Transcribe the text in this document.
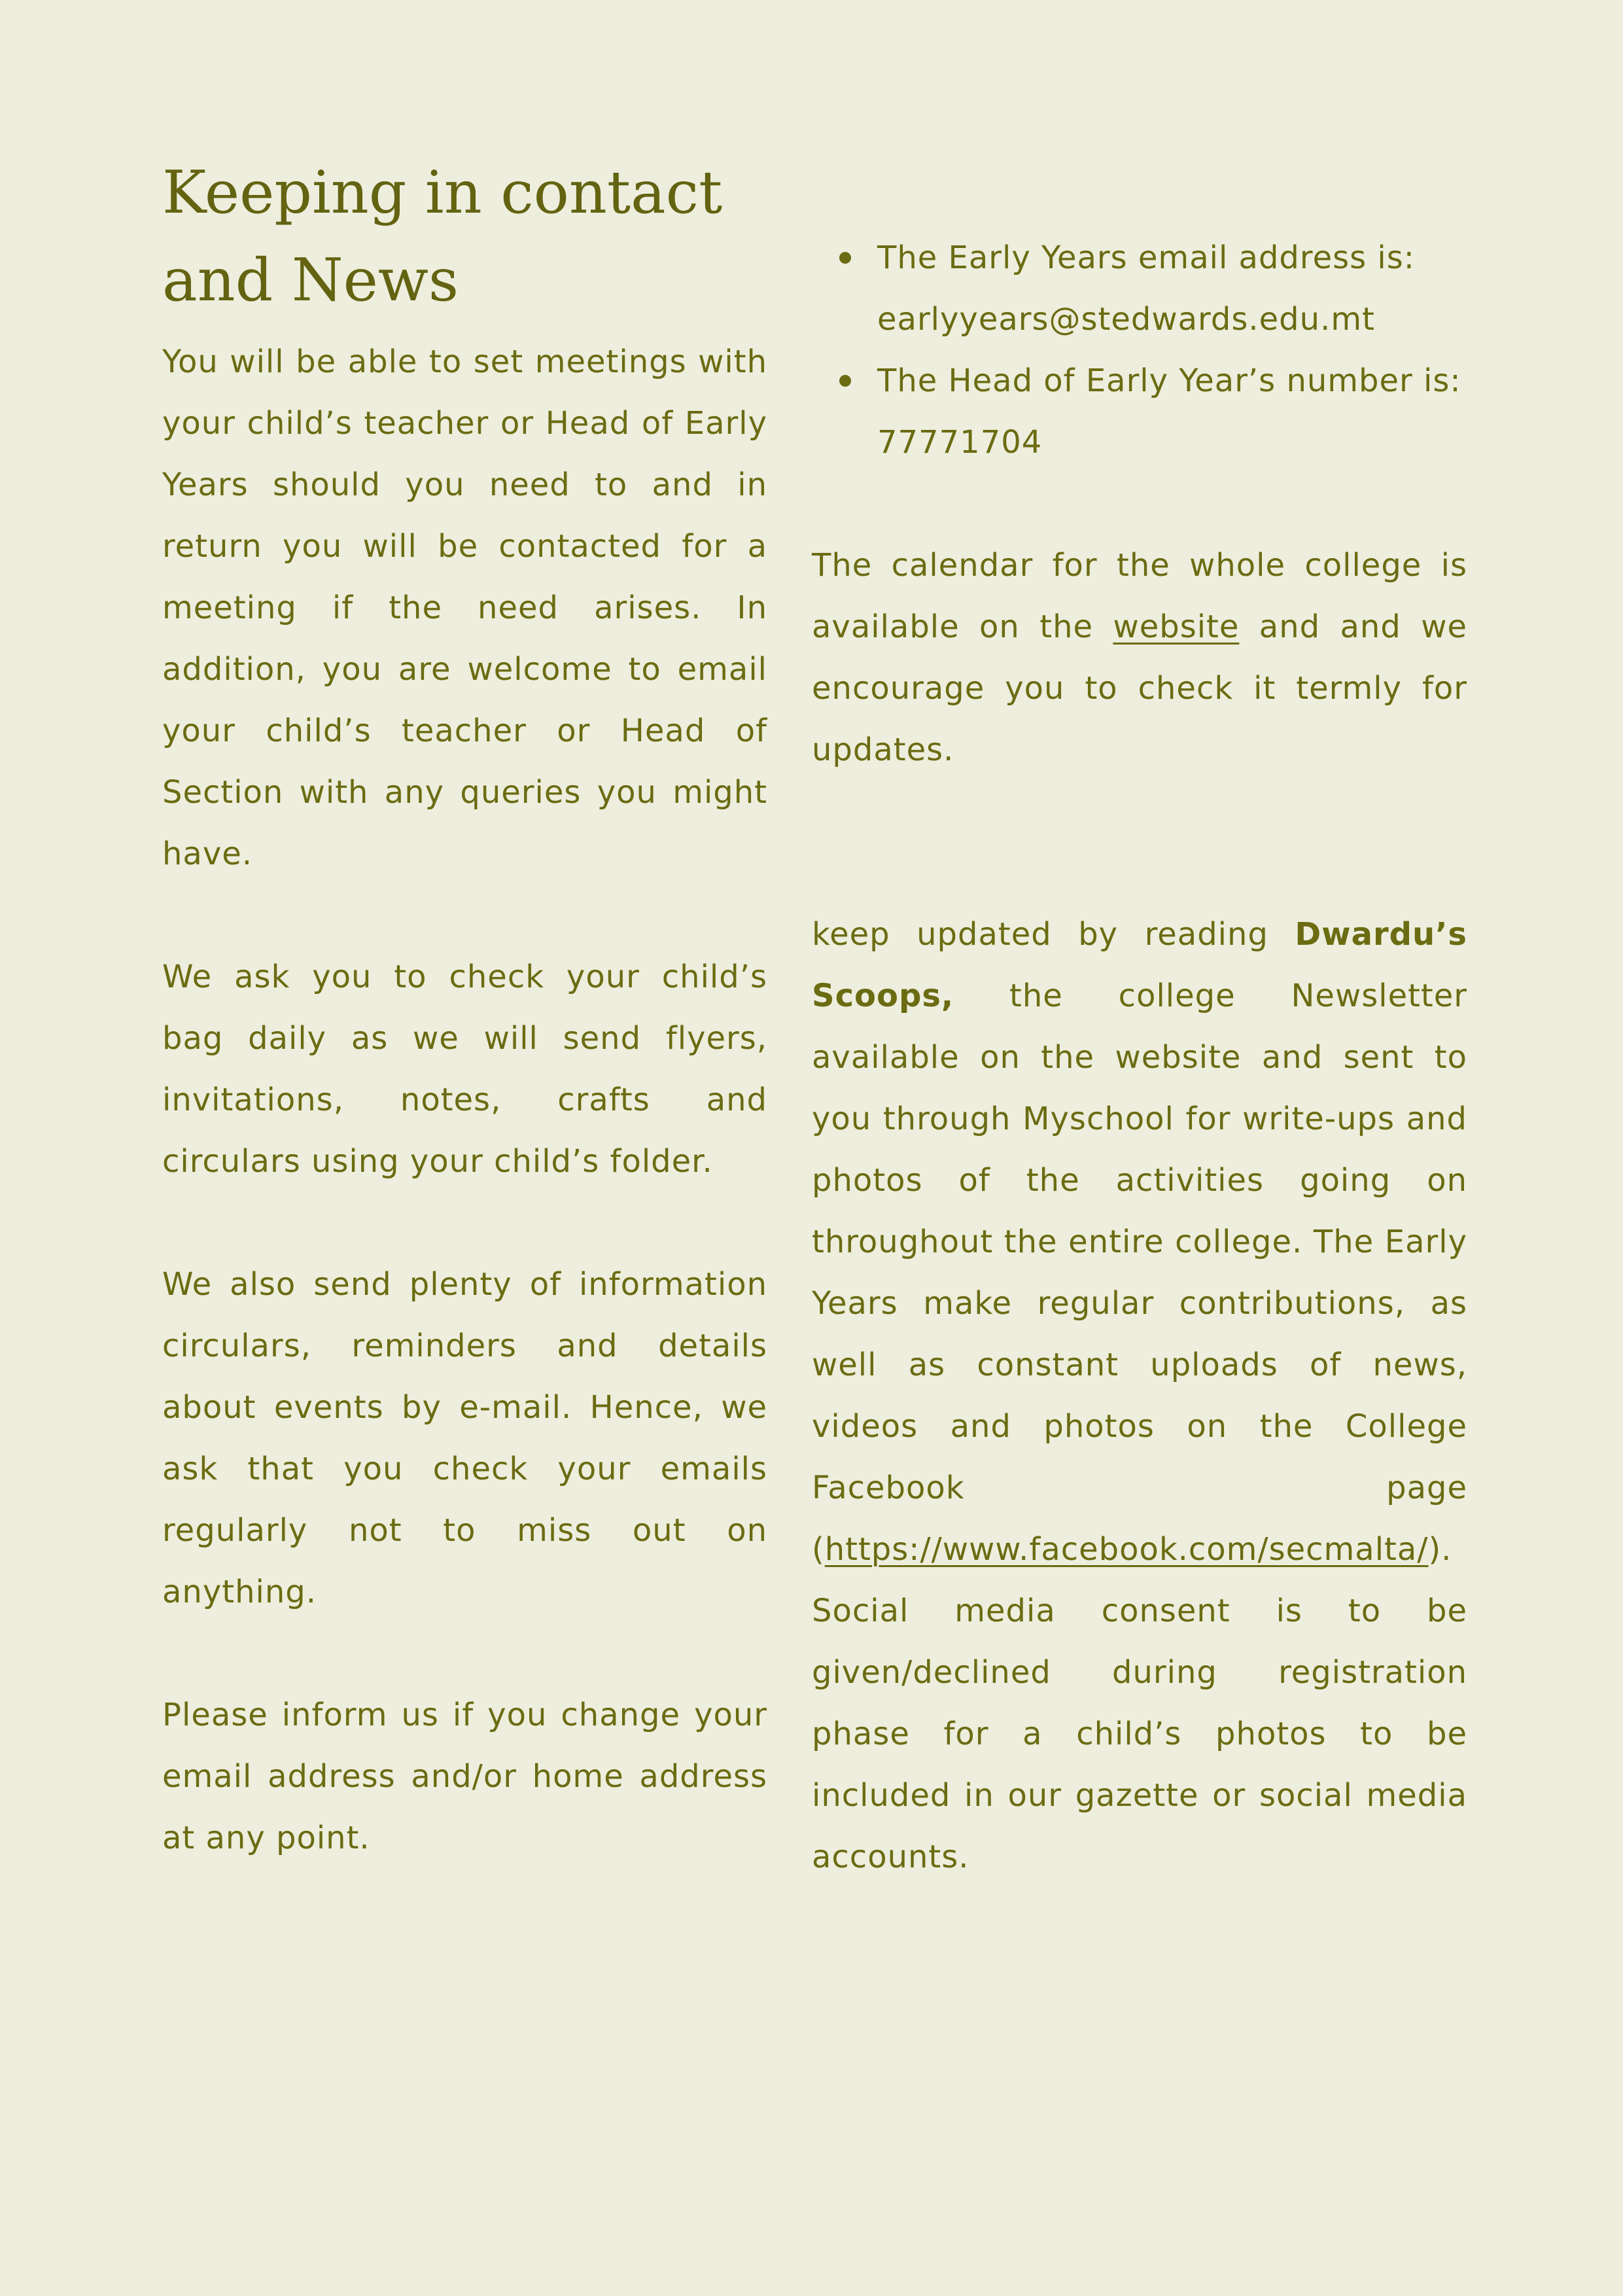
Keeping in contact and News

You will be able to set meetings with your child’s teacher or Head of Early Years should you need to and in return you will be contacted for a meeting if the need arises. In addition, you are welcome to email your child’s teacher or Head of Section with any queries you might have.

We ask you to check your child’s bag daily as we will send flyers, invitations, notes, crafts and circulars using your child’s folder.

We also send plenty of information circulars, reminders and details about events by e-mail. Hence, we ask that you check your emails regularly not to miss out on anything.

Please inform us if you change your email address and/or home address at any point.

The Early Years email address is: earlyyears@stedwards.edu.mt
The Head of Early Year’s number is: 77771704

The calendar for the whole college is available on the website and and we encourage you to check it termly for updates.

keep updated by reading Dwardu’s Scoops, the college Newsletter available on the website and sent to you through Myschool for write-ups and photos of the activities going on throughout the entire college. The Early Years make regular contributions, as well as constant uploads of news, videos and photos on the College Facebook page (https://www.facebook.com/secmalta/). Social media consent is to be given/declined during registration phase for a child’s photos to be included in our gazette or social media accounts.
